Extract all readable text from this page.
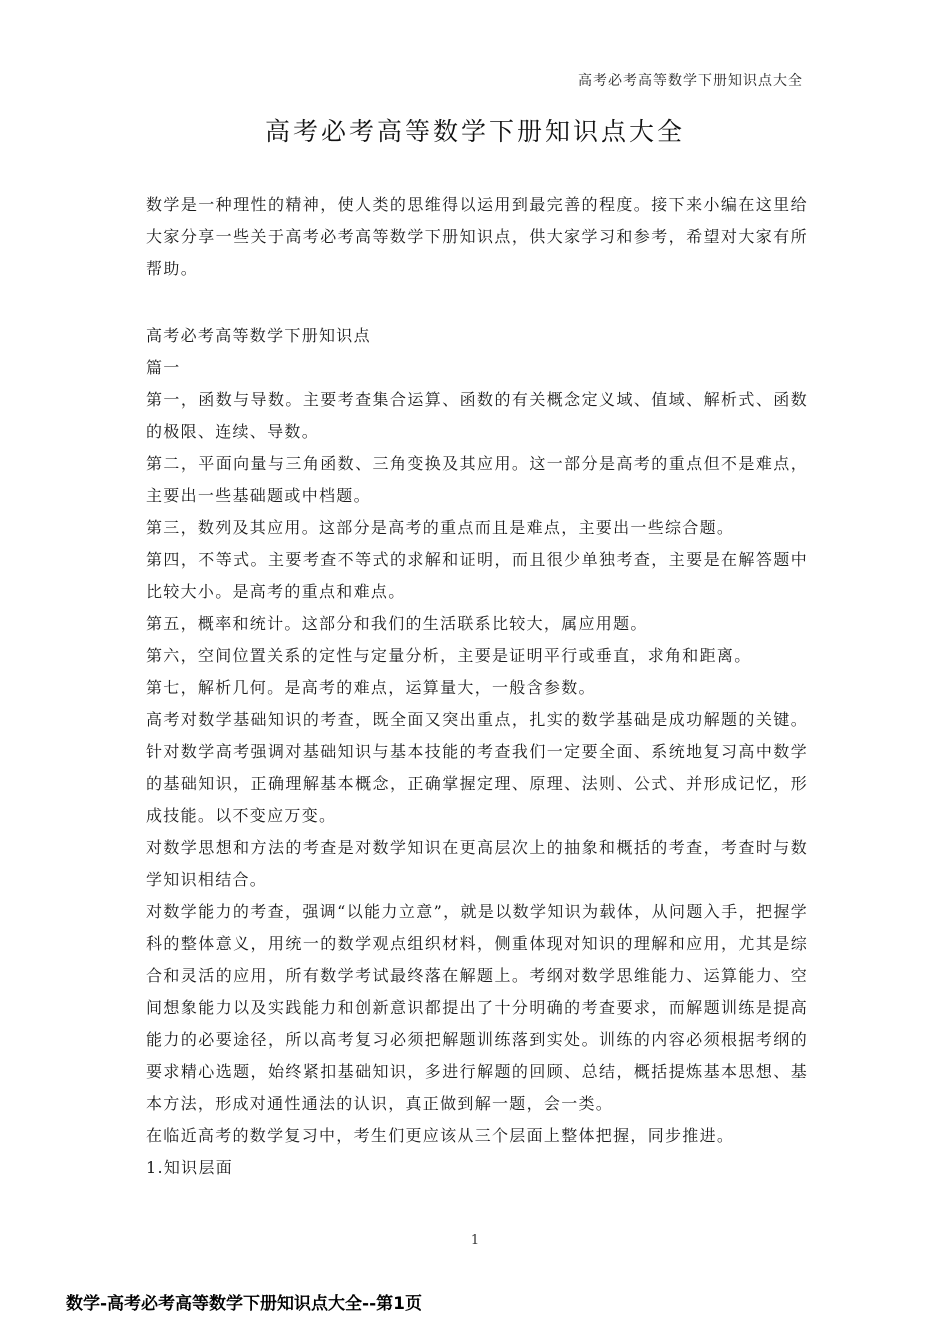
高考必考高等数学下册知识点大全
高考必考高等数学下册知识点大全
数学是一种理性的精神，使人类的思维得以运用到最完善的程度。接下来小编在这里给大家分享一些关于高考必考高等数学下册知识点，供大家学习和参考，希望对大家有所帮助。

高考必考高等数学下册知识点

篇一

第一，函数与导数。主要考查集合运算、函数的有关概念定义域、值域、解析式、函数的极限、连续、导数。

第二，平面向量与三角函数、三角变换及其应用。这一部分是高考的重点但不是难点，主要出一些基础题或中档题。

第三，数列及其应用。这部分是高考的重点而且是难点，主要出一些综合题。

第四，不等式。主要考查不等式的求解和证明，而且很少单独考查，主要是在解答题中比较大小。是高考的重点和难点。

第五，概率和统计。这部分和我们的生活联系比较大，属应用题。

第六，空间位置关系的定性与定量分析，主要是证明平行或垂直，求角和距离。

第七，解析几何。是高考的难点，运算量大，一般含参数。

高考对数学基础知识的考查，既全面又突出重点，扎实的数学基础是成功解题的关键。针对数学高考强调对基础知识与基本技能的考查我们一定要全面、系统地复习高中数学的基础知识，正确理解基本概念，正确掌握定理、原理、法则、公式、并形成记忆，形成技能。以不变应万变。

对数学思想和方法的考查是对数学知识在更高层次上的抽象和概括的考查，考查时与数学知识相结合。

对数学能力的考查，强调“以能力立意”，就是以数学知识为载体，从问题入手，把握学科的整体意义，用统一的数学观点组织材料，侧重体现对知识的理解和应用，尤其是综合和灵活的应用，所有数学考试最终落在解题上。考纲对数学思维能力、运算能力、空间想象能力以及实践能力和创新意识都提出了十分明确的考查要求，而解题训练是提高能力的必要途径，所以高考复习必须把解题训练落到实处。训练的内容必须根据考纲的要求精心选题，始终紧扣基础知识，多进行解题的回顾、总结，概括提炼基本思想、基本方法，形成对通性通法的认识，真正做到解一题，会一类。

在临近高考的数学复习中，考生们更应该从三个层面上整体把握，同步推进。

1.知识层面

1
数学-高考必考高等数学下册知识点大全--第1页
